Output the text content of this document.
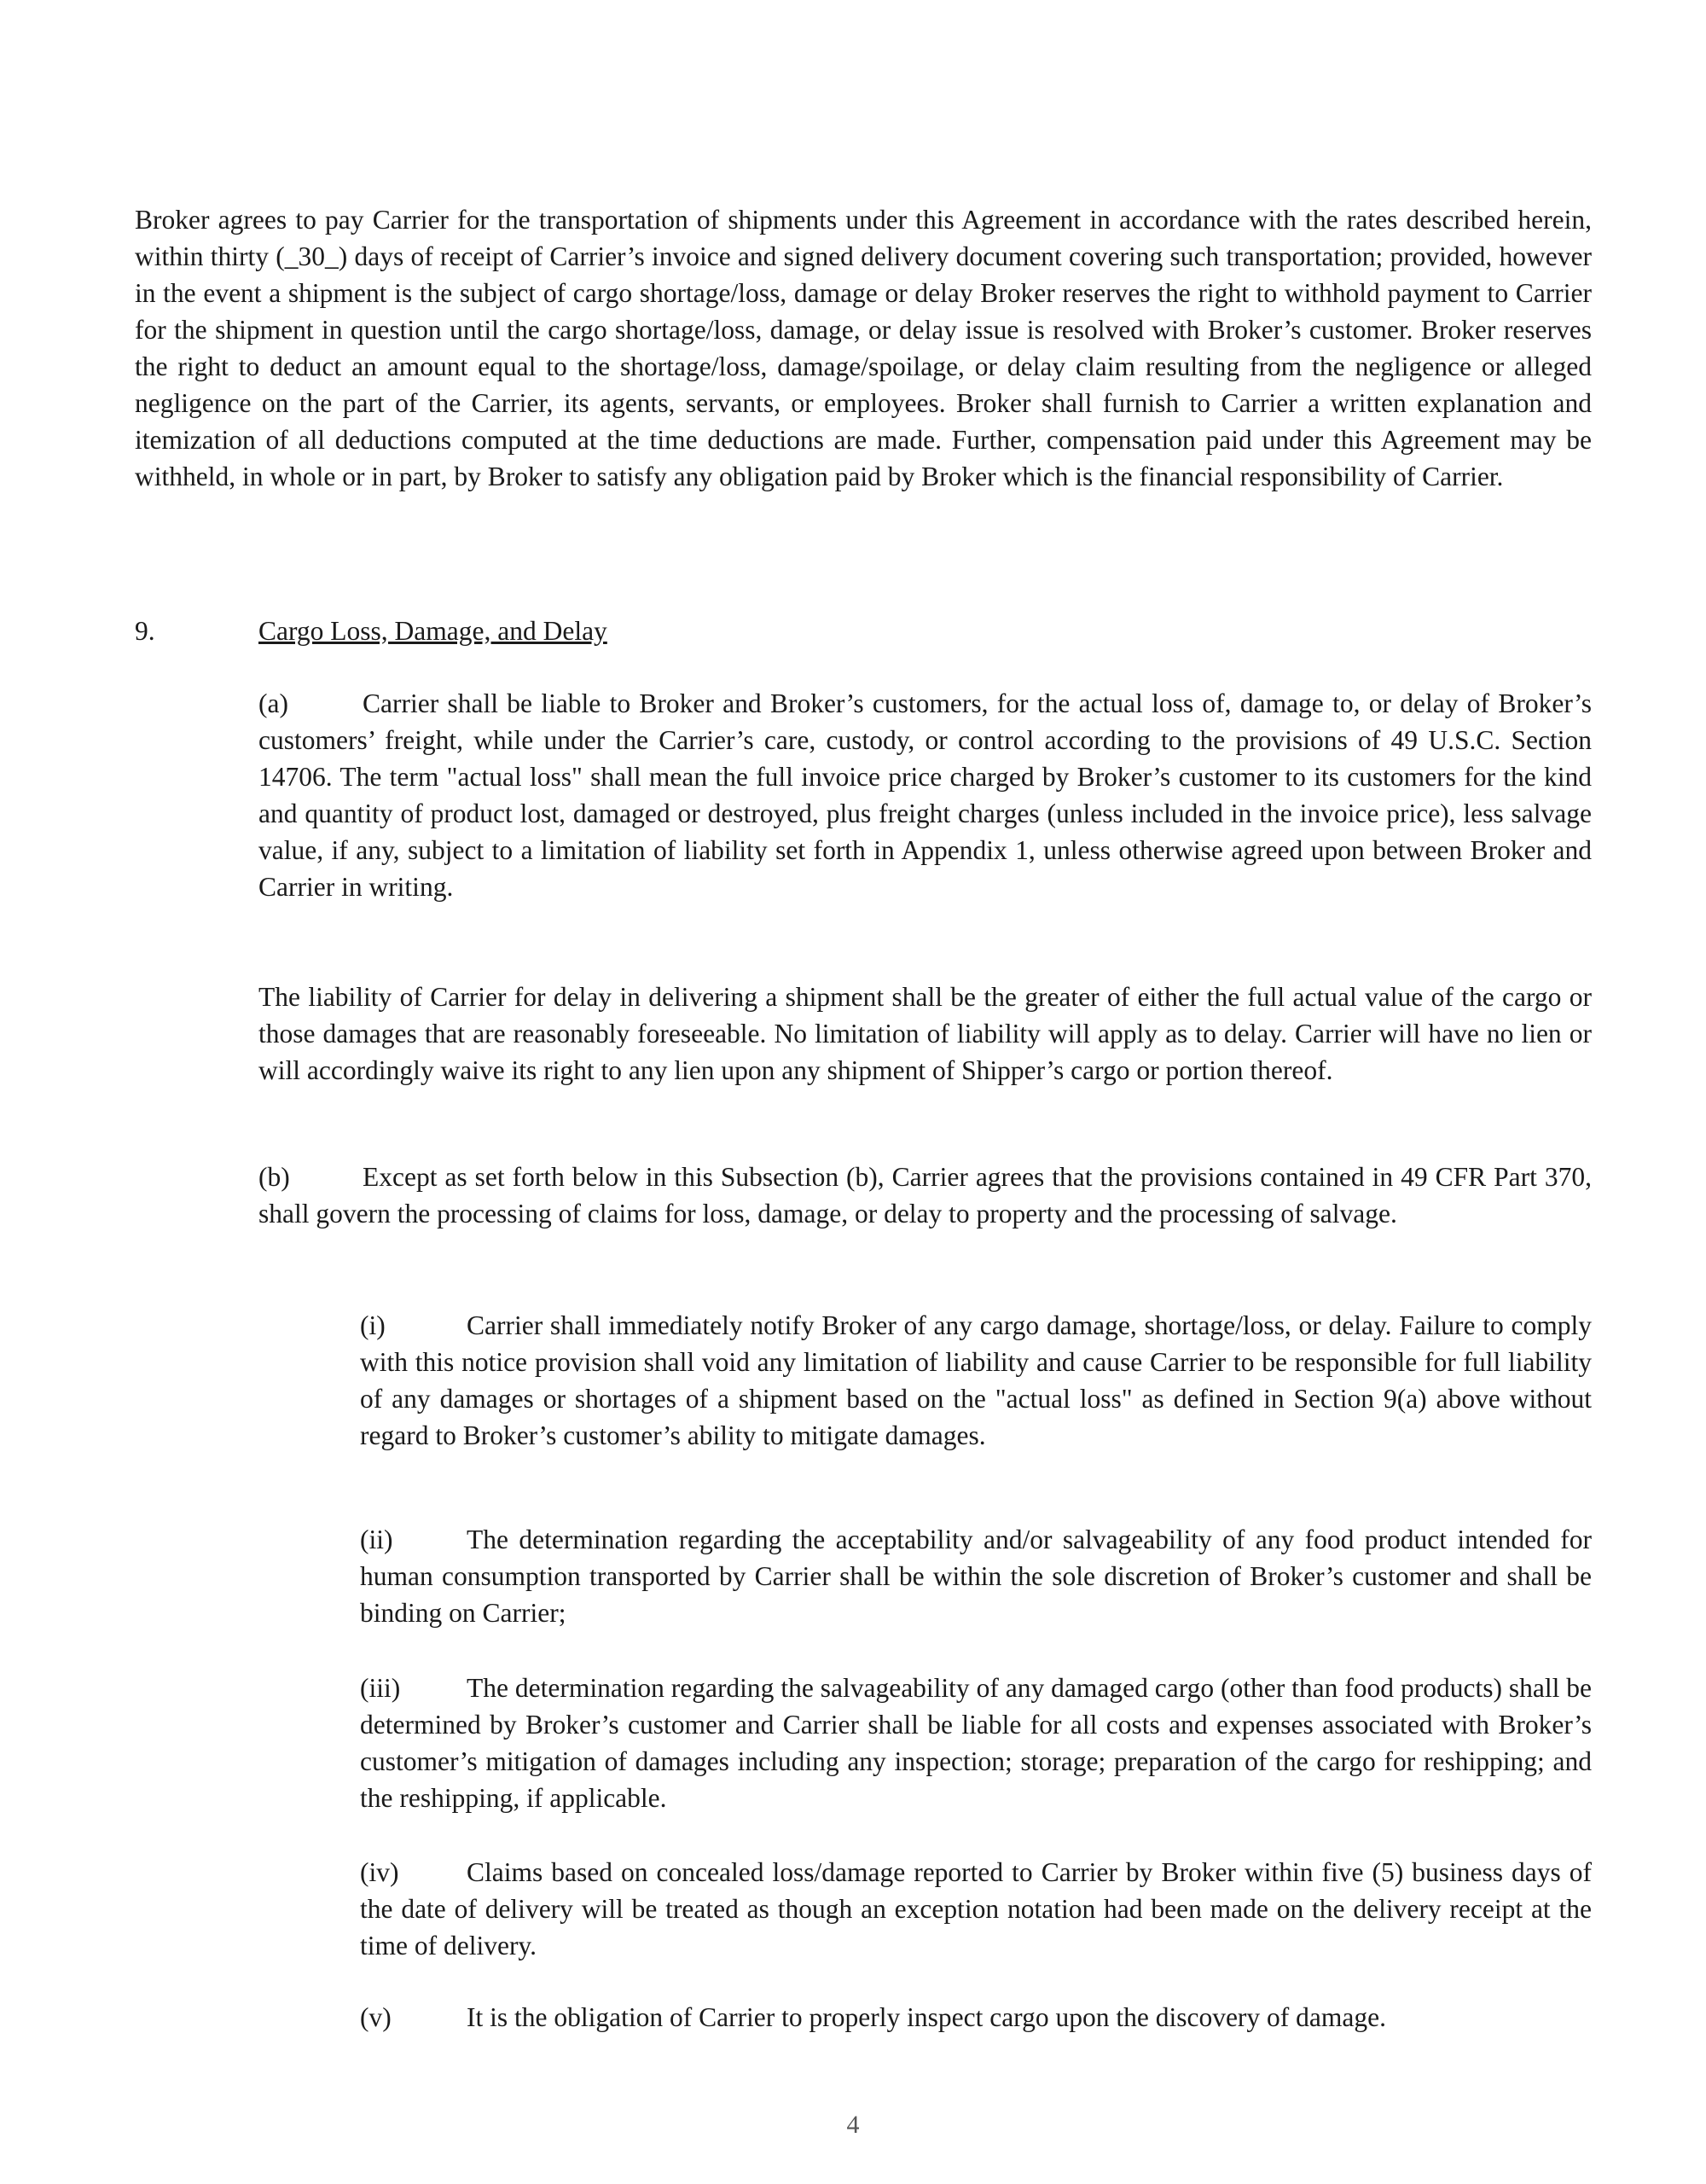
Broker agrees to pay Carrier for the transportation of shipments under this Agreement in accordance with the rates described herein, within thirty (_30_) days of receipt of Carrier’s invoice and signed delivery document covering such transportation; provided, however in the event a shipment is the subject of cargo shortage/loss, damage or delay Broker reserves the right to withhold payment to Carrier for the shipment in question until the cargo shortage/loss, damage, or delay issue is resolved with Broker’s customer. Broker reserves the right to deduct an amount equal to the shortage/loss, damage/spoilage, or delay claim resulting from the negligence or alleged negligence on the part of the Carrier, its agents, servants, or employees. Broker shall furnish to Carrier a written explanation and itemization of all deductions computed at the time deductions are made. Further, compensation paid under this Agreement may be withheld, in whole or in part, by Broker to satisfy any obligation paid by Broker which is the financial responsibility of Carrier.
9.	Cargo Loss, Damage, and Delay
(a)	Carrier shall be liable to Broker and Broker’s customers, for the actual loss of, damage to, or delay of Broker’s customers’ freight, while under the Carrier’s care, custody, or control according to the provisions of 49 U.S.C. Section 14706. The term "actual loss" shall mean the full invoice price charged by Broker’s customer to its customers for the kind and quantity of product lost, damaged or destroyed, plus freight charges (unless included in the invoice price), less salvage value, if any, subject to a limitation of liability set forth in Appendix 1, unless otherwise agreed upon between Broker and Carrier in writing.
The liability of Carrier for delay in delivering a shipment shall be the greater of either the full actual value of the cargo or those damages that are reasonably foreseeable. No limitation of liability will apply as to delay. Carrier will have no lien or will accordingly waive its right to any lien upon any shipment of Shipper’s cargo or portion thereof.
(b)	Except as set forth below in this Subsection (b), Carrier agrees that the provisions contained in 49 CFR Part 370, shall govern the processing of claims for loss, damage, or delay to property and the processing of salvage.
(i)	Carrier shall immediately notify Broker of any cargo damage, shortage/loss, or delay. Failure to comply with this notice provision shall void any limitation of liability and cause Carrier to be responsible for full liability of any damages or shortages of a shipment based on the "actual loss" as defined in Section 9(a) above without regard to Broker’s customer’s ability to mitigate damages.
(ii)	The determination regarding the acceptability and/or salvageability of any food product intended for human consumption transported by Carrier shall be within the sole discretion of Broker’s customer and shall be binding on Carrier;
(iii) The determination regarding the salvageability of any damaged cargo (other than food products) shall be determined by Broker’s customer and Carrier shall be liable for all costs and expenses associated with Broker’s customer’s mitigation of damages including any inspection; storage; preparation of the cargo for reshipping; and the reshipping, if applicable.
(iv)	Claims based on concealed loss/damage reported to Carrier by Broker within five (5) business days of the date of delivery will be treated as though an exception notation had been made on the delivery receipt at the time of delivery.
(v)	It is the obligation of Carrier to properly inspect cargo upon the discovery of damage.
4
